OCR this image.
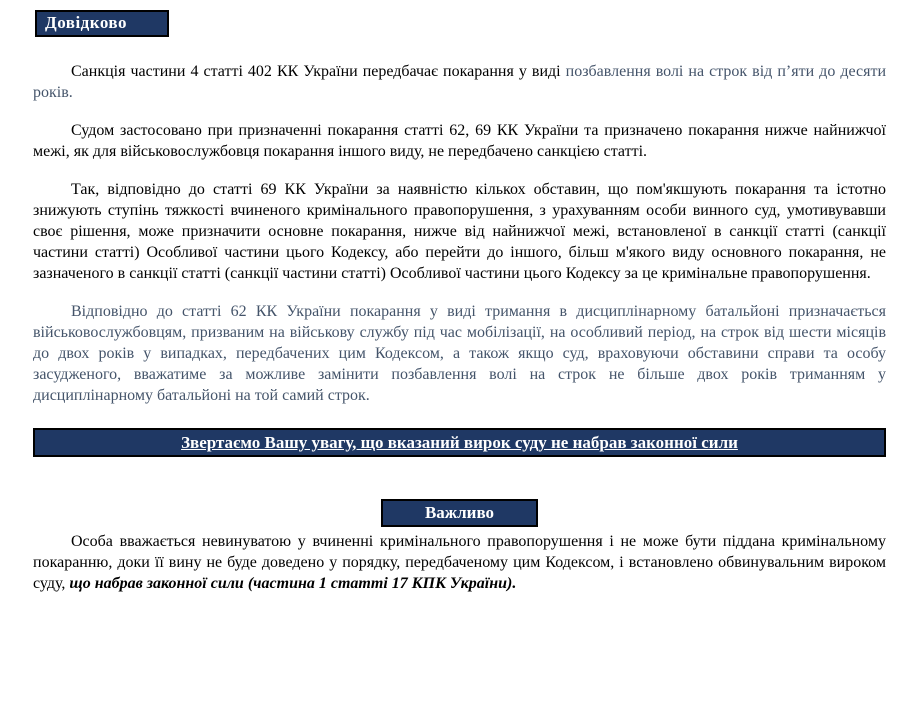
Довідково

Санкція частини 4 статті 402 КК України передбачає покарання у виді позбавлення волі на строк від п’яти до десяти років.

Судом застосовано при призначенні покарання статті 62, 69 КК України та призначено покарання нижче найнижчої межі, як для військовослужбовця покарання іншого виду, не передбачено санкцією статті.

Так, відповідно до статті 69 КК України за наявністю кількох обставин, що пом'якшують покарання та істотно знижують ступінь тяжкості вчиненого кримінального правопорушення, з урахуванням особи винного суд, умотивувавши своє рішення, може призначити основне покарання, нижче від найнижчої межі, встановленої в санкції статті (санкції частини статті) Особливої частини цього Кодексу, або перейти до іншого, більш м'якого виду основного покарання, не зазначеного в санкції статті (санкції частини статті) Особливої частини цього Кодексу за це кримінальне правопорушення.

Відповідно до статті 62 КК України покарання у виді тримання в дисциплінарному батальйоні призначається військовослужбовцям, призваним на військову службу під час мобілізації, на особливий період, на строк від шести місяців до двох років у випадках, передбачених цим Кодексом, а також якщо суд, враховуючи обставини справи та особу засудженого, вважатиме за можливе замінити позбавлення волі на строк не більше двох років триманням у дисциплінарному батальйоні на той самий строк.

Звертаємо Вашу увагу, що вказаний вирок суду не набрав законної сили
Важливо

Особа вважається невинуватою у вчиненні кримінального правопорушення і не може бути піддана кримінальному покаранню, доки її вину не буде доведено у порядку, передбаченому цим Кодексом, і встановлено обвинувальним вироком суду, що набрав законної сили (частина 1 статті 17 КПК України).
